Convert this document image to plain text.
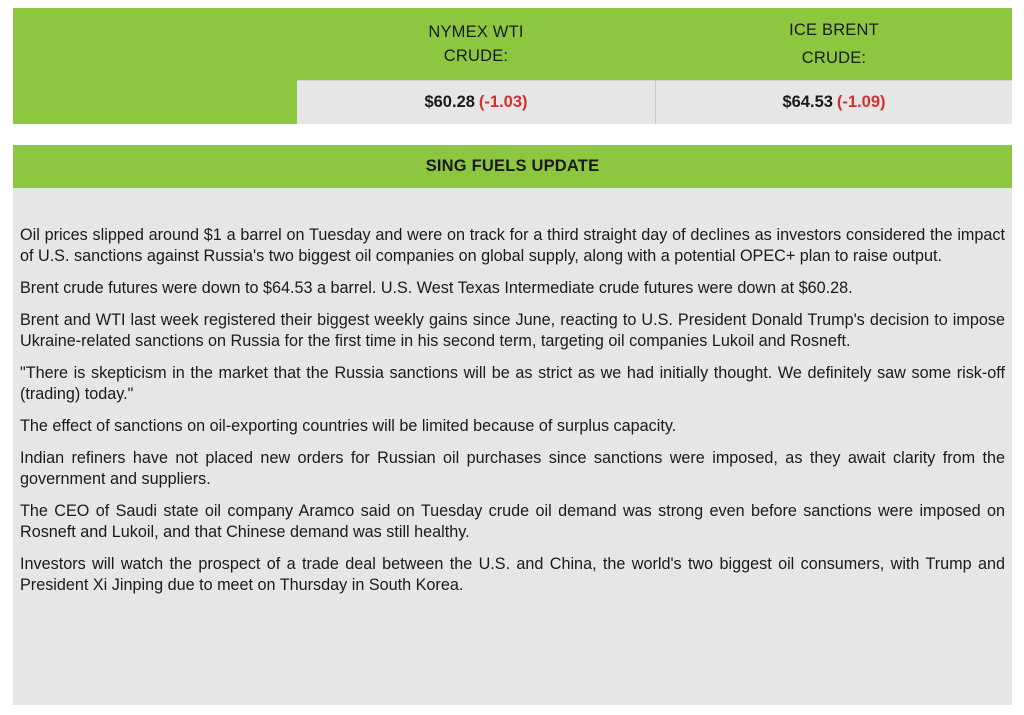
NYMEX WTI CRUDE:
ICE BRENT CRUDE:
$60.28 (-1.03)	$64.53 (-1.09)
SING FUELS UPDATE

Oil prices slipped around $1 a barrel on Tuesday and were on track for a third straight day of declines as investors considered the impact of U.S. sanctions against Russia's two biggest oil companies on global supply, along with a potential OPEC+ plan to raise output.

Brent crude futures were down to $64.53 a barrel. U.S. West Texas Intermediate crude futures were down at $60.28.

Brent and WTI last week registered their biggest weekly gains since June, reacting to U.S. President Donald Trump's decision to impose Ukraine-related sanctions on Russia for the first time in his second term, targeting oil companies Lukoil and Rosneft.

"There is skepticism in the market that the Russia sanctions will be as strict as we had initially thought. We definitely saw some risk-off (trading) today."

The effect of sanctions on oil-exporting countries will be limited because of surplus capacity.

Indian refiners have not placed new orders for Russian oil purchases since sanctions were imposed, as they await clarity from the government and suppliers.

The CEO of Saudi state oil company Aramco said on Tuesday crude oil demand was strong even before sanctions were imposed on Rosneft and Lukoil, and that Chinese demand was still healthy.

Investors will watch the prospect of a trade deal between the U.S. and China, the world's two biggest oil consumers, with Trump and President Xi Jinping due to meet on Thursday in South Korea.
